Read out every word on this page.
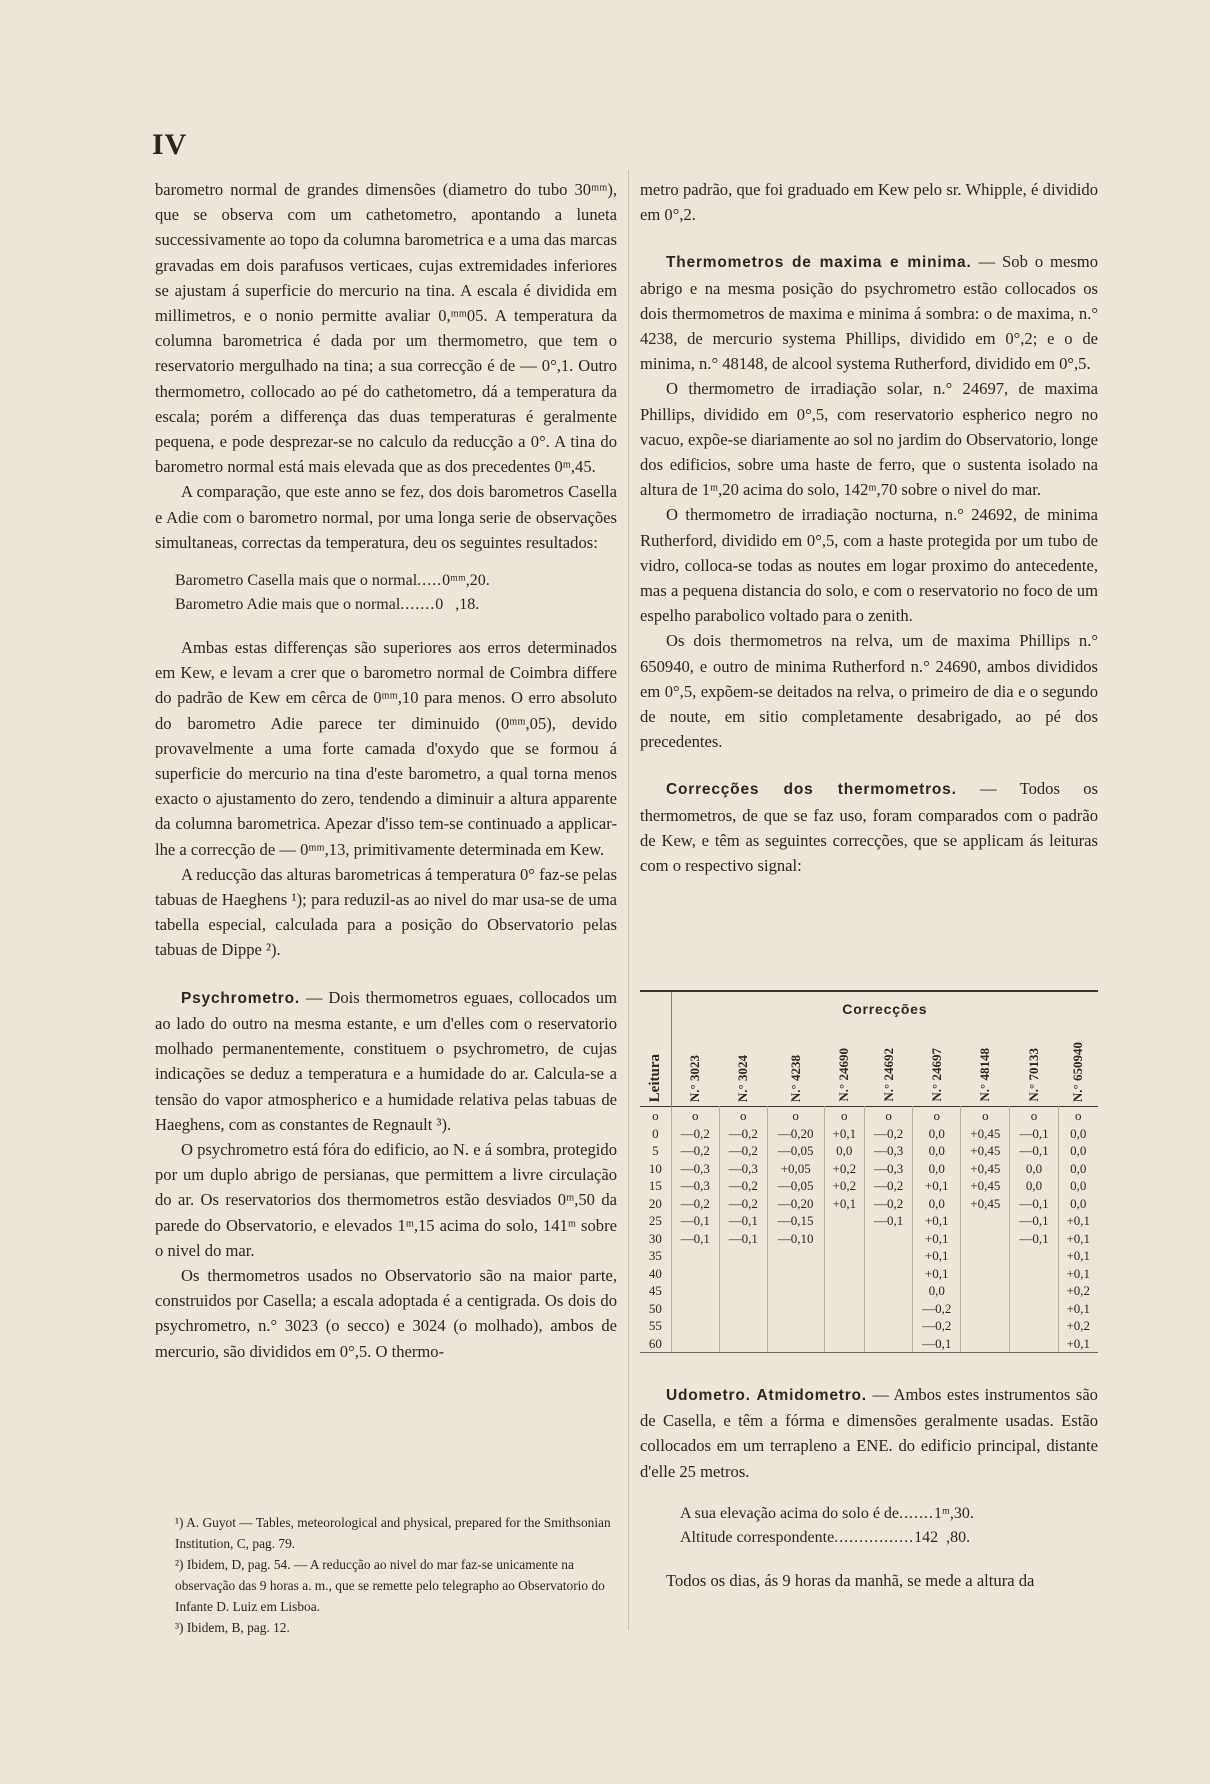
IV

barometro normal de grandes dimensões (diametro do tubo 30ᵐᵐ), que se observa com um cathetometro, apontando a luneta successivamente ao topo da columna barometrica e a uma das marcas gravadas em dois parafusos verticaes, cujas extremidades inferiores se ajustam á superficie do mercurio na tina. A escala é dividida em millimetros, e o nonio permitte avaliar 0,ᵐᵐ05. A temperatura da columna barometrica é dada por um thermometro, que tem o reservatorio mergulhado na tina; a sua correcção é de — 0°,1. Outro thermometro, collocado ao pé do cathetometro, dá a temperatura da escala; porém a differença das duas temperaturas é geralmente pequena, e pode desprezar-se no calculo da reducção a 0°. A tina do barometro normal está mais elevada que as dos precedentes 0ᵐ,45.

A comparação, que este anno se fez, dos dois barometros Casella e Adie com o barometro normal, por uma longa serie de observações simultaneas, correctas da temperatura, deu os seguintes resultados:

Barometro Casella mais que o normal ..... 0ᵐᵐ,20.
Barometro Adie mais que o normal ....... 0   ,18.

Ambas estas differenças são superiores aos erros determinados em Kew, e levam a crer que o barometro normal de Coimbra differe do padrão de Kew em cêrca de 0ᵐᵐ,10 para menos. O erro absoluto do barometro Adie parece ter diminuido (0ᵐᵐ,05), devido provavelmente a uma forte camada d'oxydo que se formou á superficie do mercurio na tina d'este barometro, a qual torna menos exacto o ajustamento do zero, tendendo a diminuir a altura apparente da columna barometrica. Apezar d'isso tem-se continuado a applicar-lhe a correcção de — 0ᵐᵐ,13, primitivamente determinada em Kew.

A reducção das alturas barometricas á temperatura 0° faz-se pelas tabuas de Haeghens ¹); para reduzil-as ao nivel do mar usa-se de uma tabella especial, calculada para a posição do Observatorio pelas tabuas de Dippe ²).

Psychrometro. — Dois thermometros eguaes, collocados um ao lado do outro na mesma estante, e um d'elles com o reservatorio molhado permanentemente, constituem o psychrometro, de cujas indicações se deduz a temperatura e a humidade do ar. Calcula-se a tensão do vapor atmospherico e a humidade relativa pelas tabuas de Haeghens, com as constantes de Regnault ³).

O psychrometro está fóra do edificio, ao N. e á sombra, protegido por um duplo abrigo de persianas, que permittem a livre circulação do ar. Os reservatorios dos thermometros estão desviados 0ᵐ,50 da parede do Observatorio, e elevados 1ᵐ,15 acima do solo, 141ᵐ sobre o nivel do mar.

Os thermometros usados no Observatorio são na maior parte, construidos por Casella; a escala adoptada é a centigrada. Os dois do psychrometro, n.° 3023 (o secco) e 3024 (o molhado), ambos de mercurio, são divididos em 0°,5. O thermo-

¹) A. Guyot — Tables, meteorological and physical, prepared for the Smithsonian Institution, C, pag. 79.

²) Ibidem, D, pag. 54. — A reducção ao nivel do mar faz-se unicamente na observação das 9 horas a. m., que se remette pelo telegrapho ao Observatorio do Infante D. Luiz em Lisboa.

³) Ibidem, B, pag. 12.

metro padrão, que foi graduado em Kew pelo sr. Whipple, é dividido em 0°,2.

Thermometros de maxima e minima. — Sob o mesmo abrigo e na mesma posição do psychrometro estão collocados os dois thermometros de maxima e minima á sombra: o de maxima, n.° 4238, de mercurio systema Phillips, dividido em 0°,2; e o de minima, n.° 48148, de alcool systema Rutherford, dividido em 0°,5.

O thermometro de irradiação solar, n.° 24697, de maxima Phillips, dividido em 0°,5, com reservatorio espherico negro no vacuo, expõe-se diariamente ao sol no jardim do Observatorio, longe dos edificios, sobre uma haste de ferro, que o sustenta isolado na altura de 1ᵐ,20 acima do solo, 142ᵐ,70 sobre o nivel do mar.

O thermometro de irradiação nocturna, n.° 24692, de minima Rutherford, dividido em 0°,5, com a haste protegida por um tubo de vidro, colloca-se todas as noutes em logar proximo do antecedente, mas a pequena distancia do solo, e com o reservatorio no foco de um espelho parabolico voltado para o zenith.

Os dois thermometros na relva, um de maxima Phillips n.° 650940, e outro de minima Rutherford n.° 24690, ambos divididos em 0°,5, expõem-se deitados na relva, o primeiro de dia e o segundo de noute, em sitio completamente desabrigado, ao pé dos precedentes.

Correcções dos thermometros. — Todos os thermometros, de que se faz uso, foram comparados com o padrão de Kew, e têm as seguintes correcções, que se applicam ás leituras com o respectivo signal:

Leitura	Correcções								
	N.° 3023	N.° 3024	N.° 4238	N.° 24690	N.° 24692	N.° 24697	N.° 48148	N.° 70133	N.° 650940
o	o	o	o	o	o	o	o	o	o
0	—0,2	—0,2	—0,20	+0,1	—0,2	0,0	+0,45	—0,1	0,0
5	—0,2	—0,2	—0,05	0,0	—0,3	0,0	+0,45	—0,1	0,0
10	—0,3	—0,3	+0,05	+0,2	—0,3	0,0	+0,45	0,0	0,0
15	—0,3	—0,2	—0,05	+0,2	—0,2	+0,1	+0,45	0,0	0,0
20	—0,2	—0,2	—0,20	+0,1	—0,2	0,0	+0,45	—0,1	0,0
25	—0,1	—0,1	—0,15		—0,1	+0,1		—0,1	+0,1
30	—0,1	—0,1	—0,10			+0,1		—0,1	+0,1
35						+0,1			+0,1
40						+0,1			+0,1
45						0,0			+0,2
50						—0,2			+0,1
55						—0,2			+0,2
60						—0,1			+0,1

Udometro. Atmidometro. — Ambos estes instrumentos são de Casella, e têm a fórma e dimensões geralmente usadas. Estão collocados em um terrapleno a ENE. do edificio principal, distante d'elle 25 metros.

A sua elevação acima do solo é de ....... 1ᵐ,30.
Altitude correspondente ................ 142  ,80.

Todos os dias, ás 9 horas da manhã, se mede a altura da
